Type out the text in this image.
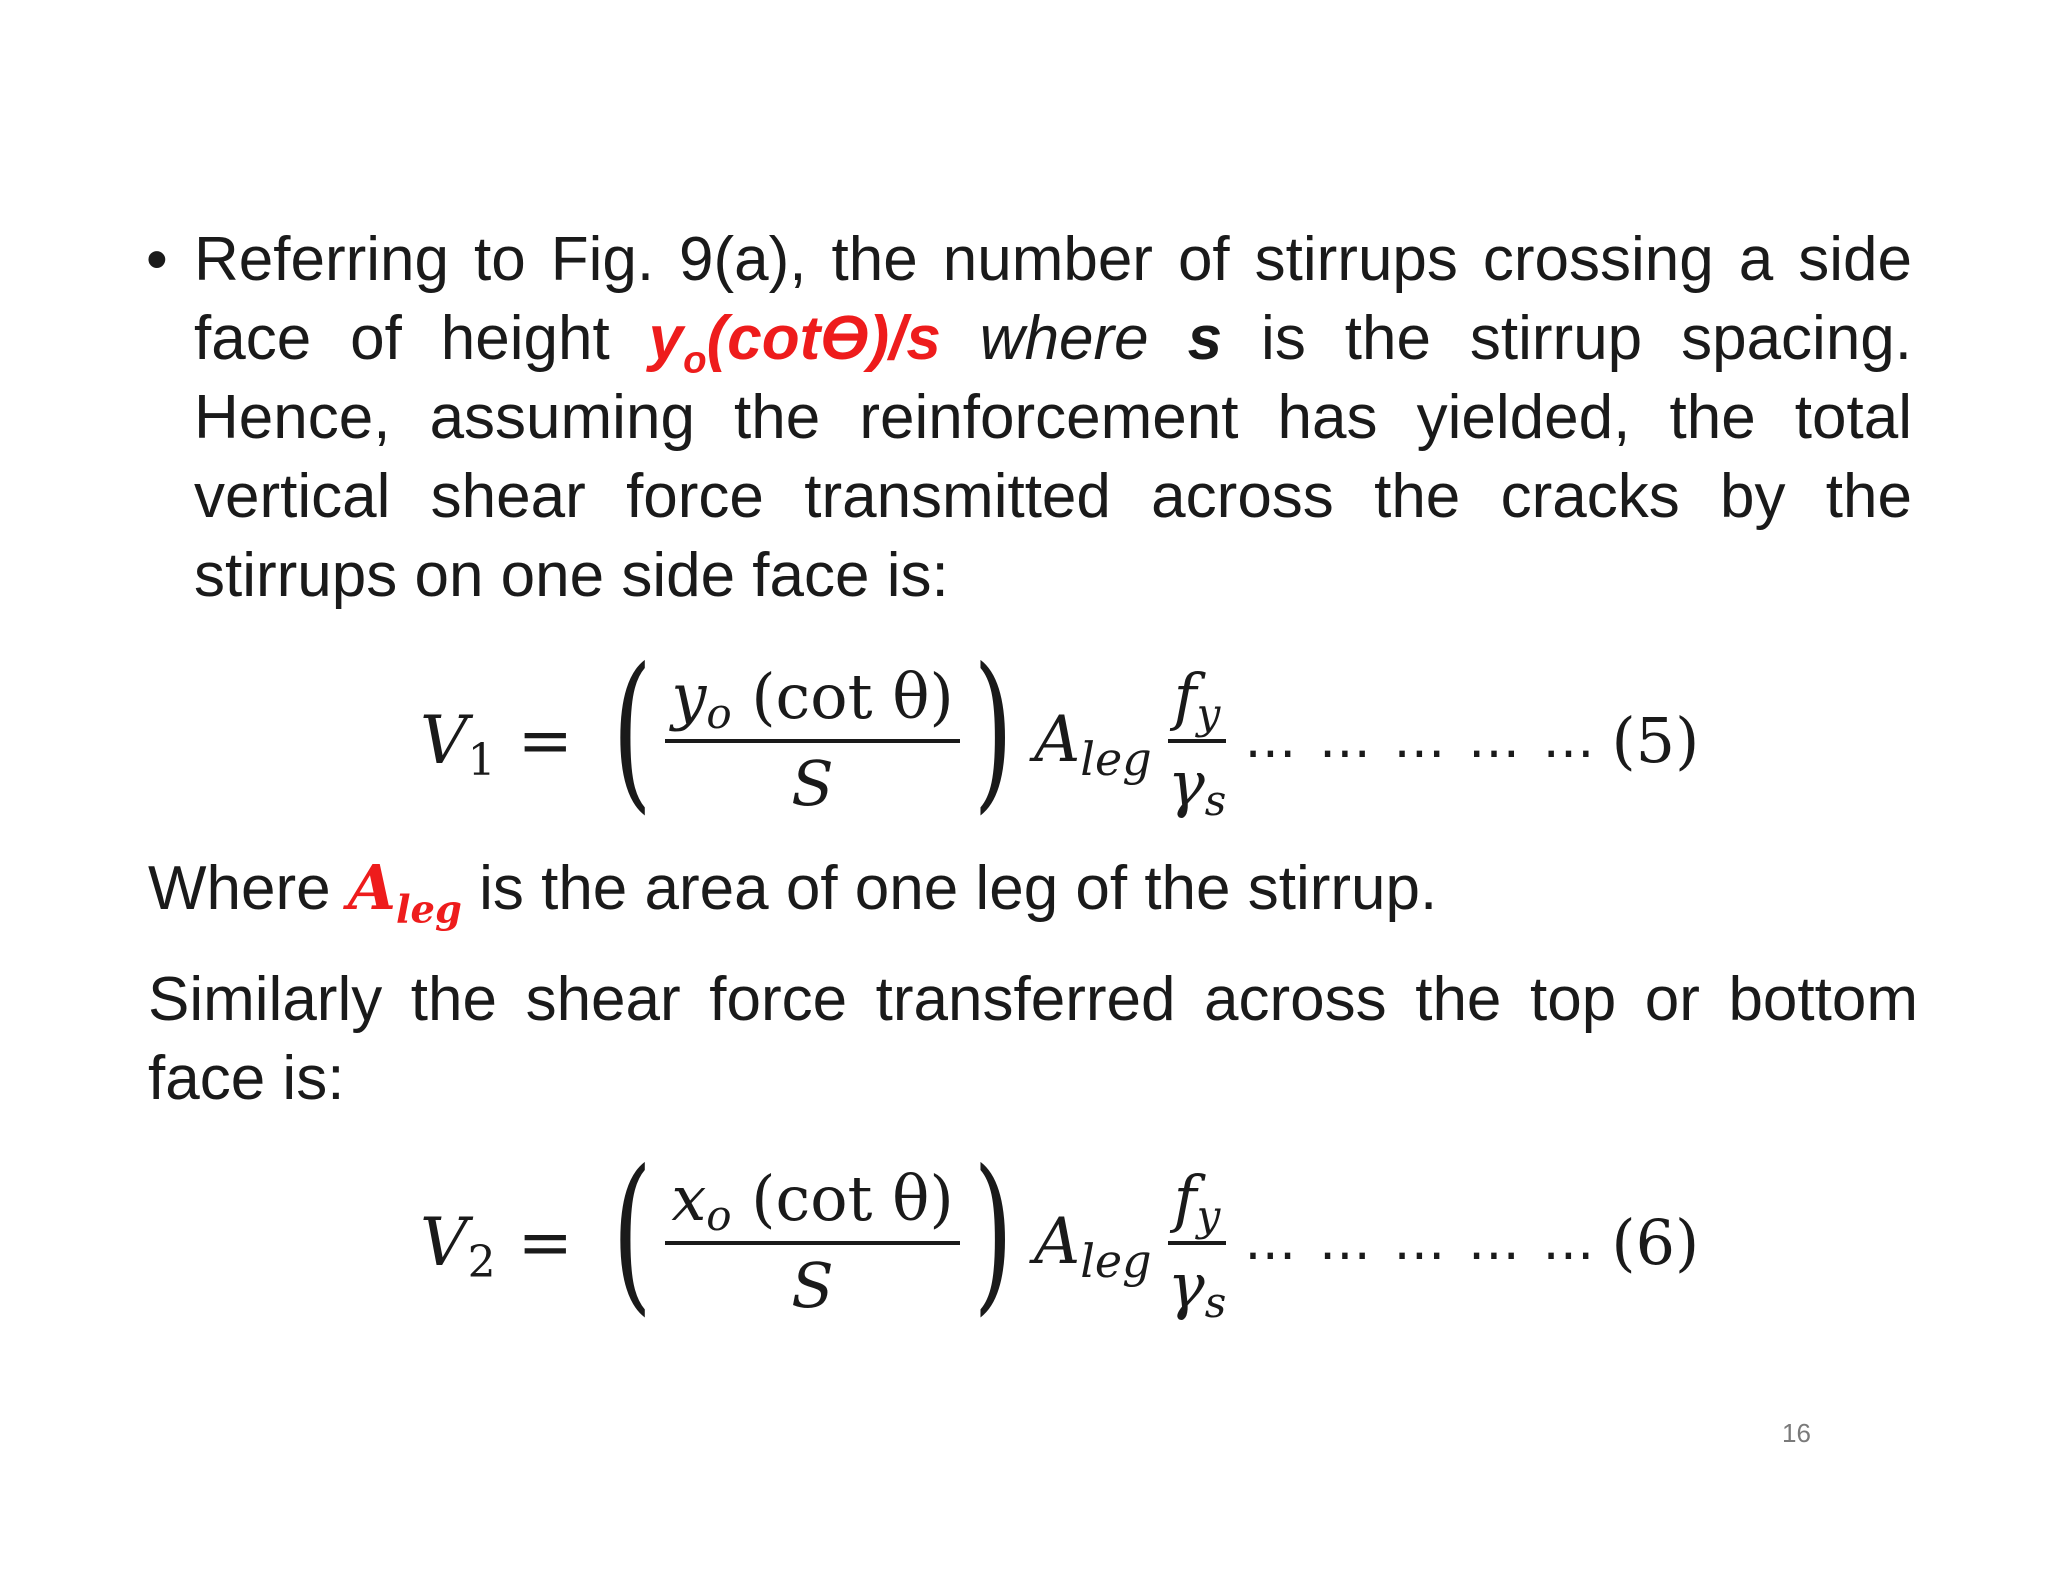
• Referring to Fig. 9(a), the number of stirrups crossing a side face of height $y_o(\cot ϴ)/s$ where s is the stirrup spacing. Hence, assuming the reinforcement has yielded, the total vertical shear force transmitted across the cracks by the stirrups on one side face is:
$V_1$ = ( $\frac{y_o (\cot \theta)}{S}$ ) $A_{leg} \frac{f_y}{\gamma_s}$ … … … … … (5)
Where $A_{leg}$ is the area of one leg of the stirrup.
Similarly the shear force transferred across the top or bottom face is:
$V_2$ = ( $\frac{x_o (\cot \theta)}{S}$ ) $A_{leg} \frac{f_y}{\gamma_s}$ … … … … … (6)
16
